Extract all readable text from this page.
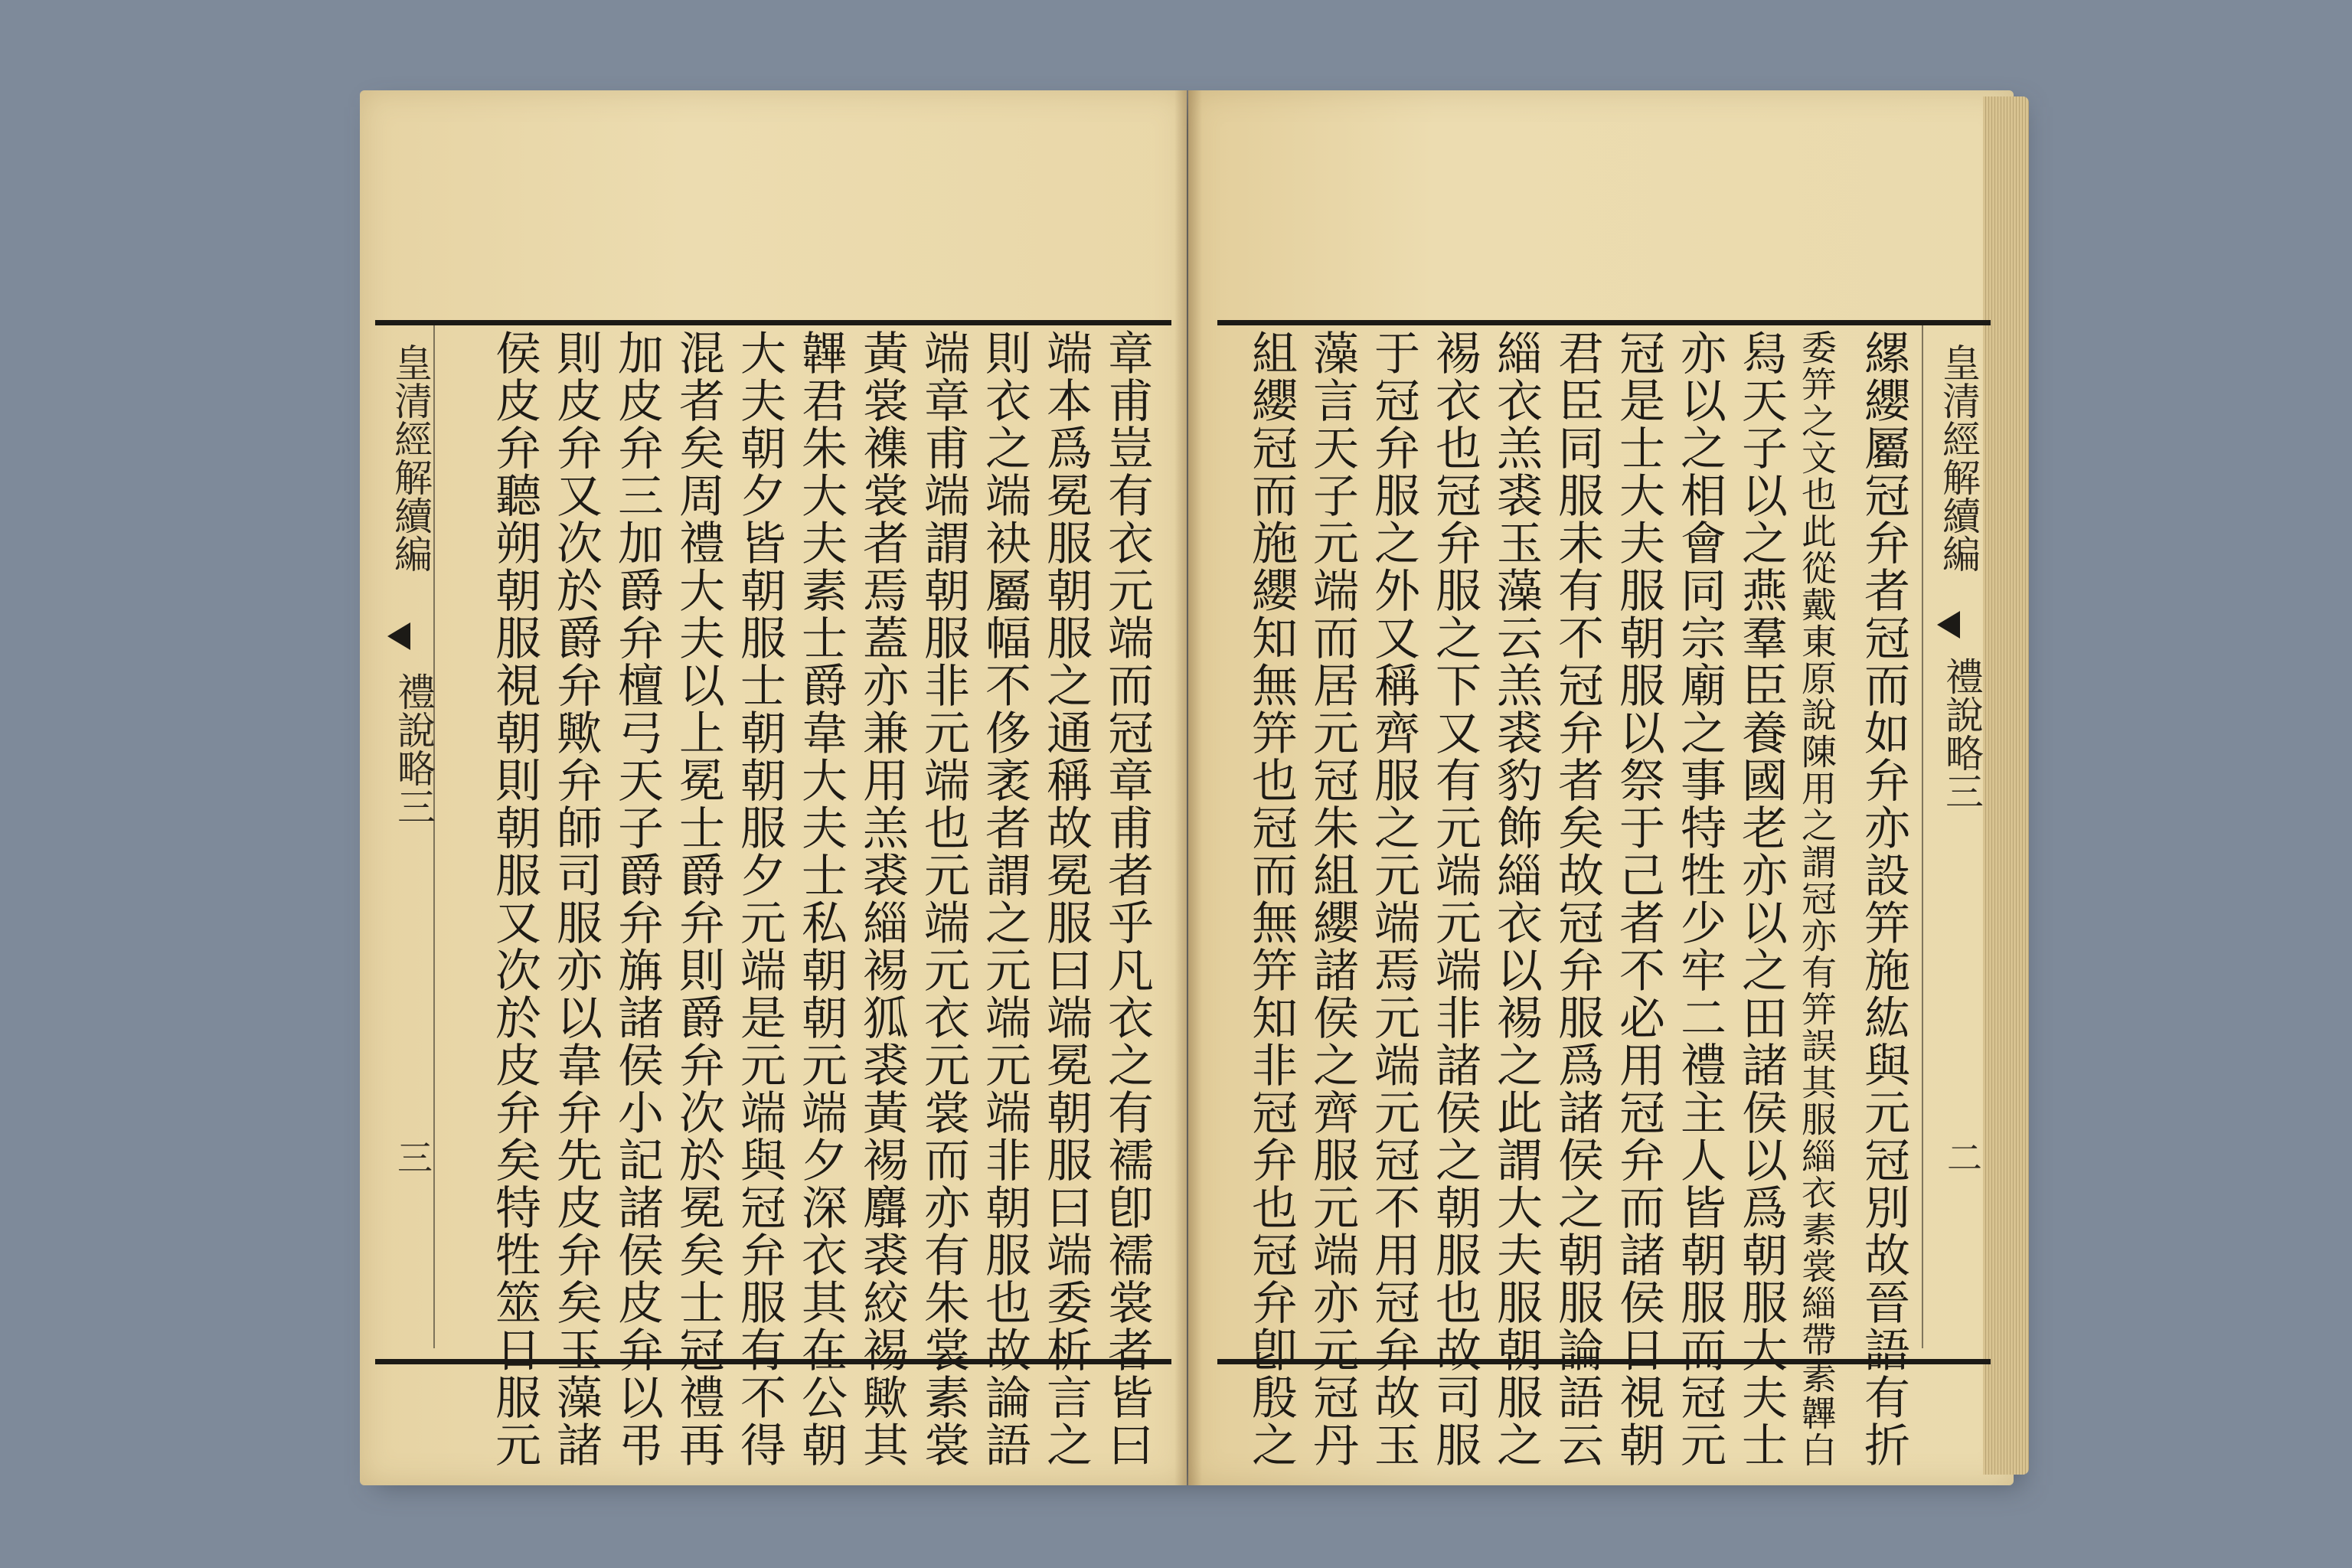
章甫豈有衣元端而冠章甫者乎凡衣之有襦卽襦裳者皆曰
端本爲冕服朝服之通稱故冕服曰端冕朝服曰端委析言之
則衣之端袂屬幅不侈袤者謂之元端元端非朝服也故論語
端章甫端謂朝服非元端也元端元衣元裳而亦有朱裳素裳
黃裳襍裳者焉蓋亦兼用羔裘緇裼狐裘黃裼麛裘絞裼歟其
韠君朱大夫素士爵韋大夫士私朝朝元端夕深衣其在公朝
大夫朝夕皆朝服士朝朝服夕元端是元端與冠弁服有不得
混者矣周禮大夫以上冕士爵弁則爵弁次於冕矣士冠禮再
加皮弁三加爵弁檀弓天子爵弁㫋諸侯小記諸侯皮弁以弔
則皮弁又次於爵弁歟弁師司服亦以韋弁先皮弁矣玉藻諸
侯皮弁聽朔朝服視朝則朝服又次於皮弁矣特牲筮日服元
皇清經解續編
禮說略三
三	縲纓屬冠弁者冠而如弁亦設笄施紘與元冠別故晉語有折
委笄之文也此從戴東原說陳用之謂冠亦有笄誤其服緇衣素裳緇帶素韠白
舄天子以之燕羣臣養國老亦以之田諸侯以爲朝服大夫士
亦以之相會同宗廟之事特牲少牢二禮主人皆朝服而冠元
冠是士大夫服朝服以祭于己者不必用冠弁而諸侯日視朝
君臣同服未有不冠弁者矣故冠弁服爲諸侯之朝服論語云
緇衣羔裘玉藻云羔裘豹飾緇衣以裼之此謂大夫服朝服之
裼衣也冠弁服之下又有元端元端非諸侯之朝服也故司服
于冠弁服之外又稱齊服之元端焉元端元冠不用冠弁故玉
藻言天子元端而居元冠朱組纓諸侯之齊服元端亦元冠丹
組纓冠而施纓知無笄也冠而無笄知非冠弁也冠弁卽殷之	皇清經解續編
禮說略三
二
